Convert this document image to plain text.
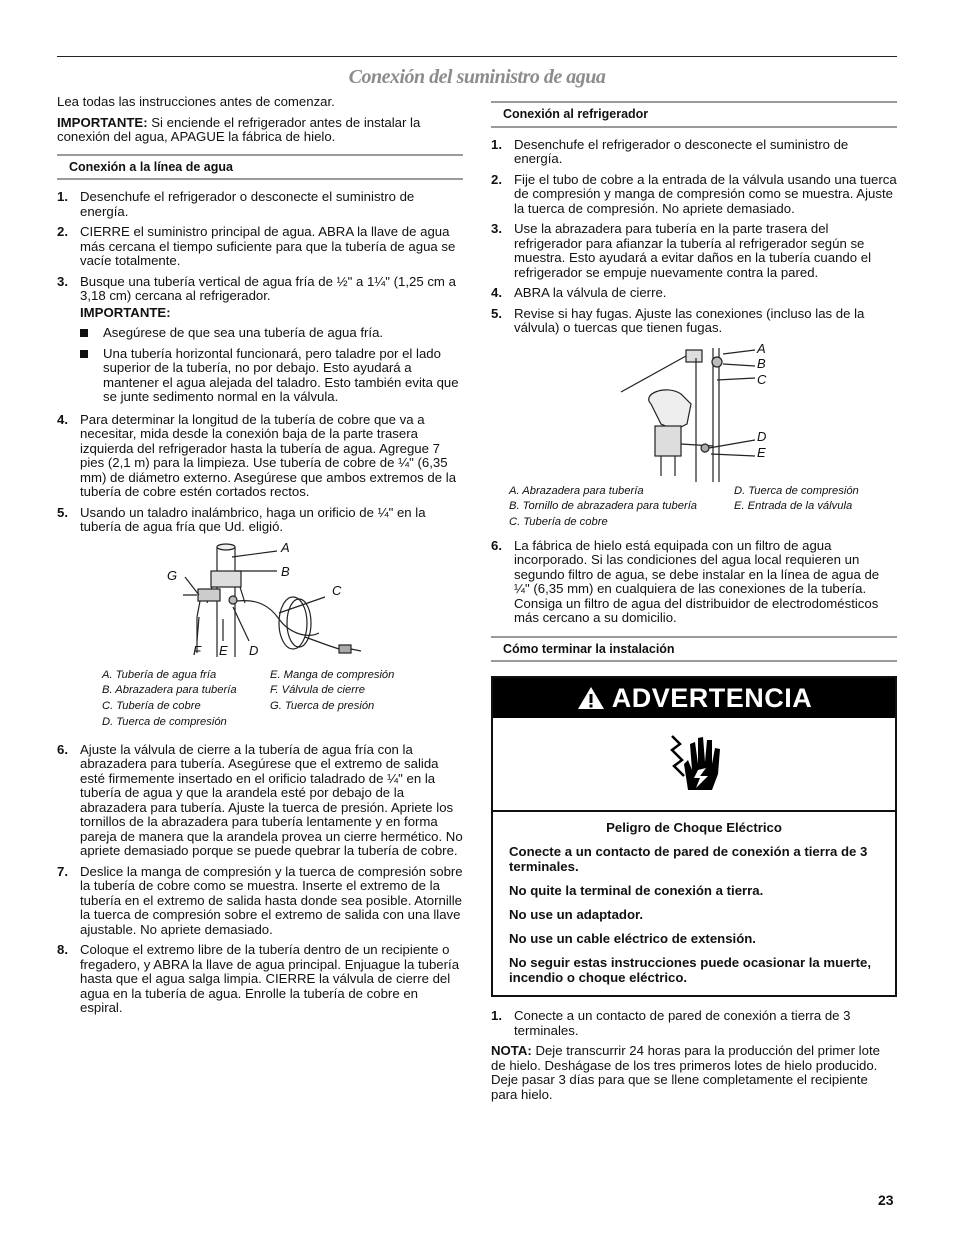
Conexión del suministro de agua

Lea todas las instrucciones antes de comenzar.

IMPORTANTE: Si enciende el refrigerador antes de instalar la conexión del agua, APAGUE la fábrica de hielo.

Conexión a la línea de agua
1. Desenchufe el refrigerador o desconecte el suministro de energía.
2. CIERRE el suministro principal de agua. ABRA la llave de agua más cercana el tiempo suficiente para que la tubería de agua se vacíe totalmente.
3. Busque una tubería vertical de agua fría de ½" a 1¼" (1,25 cm a 3,18 cm) cercana al refrigerador.
IMPORTANTE:
Asegúrese de que sea una tubería de agua fría.
Una tubería horizontal funcionará, pero taladre por el lado superior de la tubería, no por debajo. Esto ayudará a mantener el agua alejada del taladro. Esto también evita que se junte sedimento normal en la válvula.
4. Para determinar la longitud de la tubería de cobre que va a necesitar, mida desde la conexión baja de la parte trasera izquierda del refrigerador hasta la tubería de agua. Agregue 7 pies (2,1 m) para la limpieza. Use tubería de cobre de ¼" (6,35 mm) de diámetro externo. Asegúrese que ambos extremos de la tubería de cobre estén cortados rectos.
5. Usando un taladro inalámbrico, haga un orificio de ¼" en la tubería de agua fría que Ud. eligió.
A
B
C
G
F E D
A. Tubería de agua fría	E. Manga de compresión
B. Abrazadera para tubería	F. Válvula de cierre
C. Tubería de cobre	G. Tuerca de presión
D. Tuerca de compresión
6. Ajuste la válvula de cierre a la tubería de agua fría con la abrazadera para tubería. Asegúrese que el extremo de salida esté firmemente insertado en el orificio taladrado de ¼" en la tubería de agua y que la arandela esté por debajo de la abrazadera para tubería. Ajuste la tuerca de presión. Apriete los tornillos de la abrazadera para tubería lentamente y en forma pareja de manera que la arandela provea un cierre hermético. No apriete demasiado porque se puede quebrar la tubería de cobre.
7. Deslice la manga de compresión y la tuerca de compresión sobre la tubería de cobre como se muestra. Inserte el extremo de la tubería en el extremo de salida hasta donde sea posible. Atornille la tuerca de compresión sobre el extremo de salida con una llave ajustable. No apriete demasiado.
8. Coloque el extremo libre de la tubería dentro de un recipiente o fregadero, y ABRA la llave de agua principal. Enjuague la tubería hasta que el agua salga limpia. CIERRE la válvula de cierre del agua en la tubería de agua. Enrolle la tubería de cobre en espiral.
Conexión al refrigerador
1. Desenchufe el refrigerador o desconecte el suministro de energía.
2. Fije el tubo de cobre a la entrada de la válvula usando una tuerca de compresión y manga de compresión como se muestra. Ajuste la tuerca de compresión. No apriete demasiado.
3. Use la abrazadera para tubería en la parte trasera del refrigerador para afianzar la tubería al refrigerador según se muestra. Esto ayudará a evitar daños en la tubería cuando el refrigerador se empuje nuevamente contra la pared.
4. ABRA la válvula de cierre.
5. Revise si hay fugas. Ajuste las conexiones (incluso las de la válvula) o tuercas que tienen fugas.
A
B
C
D
E
A. Abrazadera para tubería	D. Tuerca de compresión
B. Tornillo de abrazadera para tubería	E. Entrada de la válvula
C. Tubería de cobre
6. La fábrica de hielo está equipada con un filtro de agua incorporado. Si las condiciones del agua local requieren un segundo filtro de agua, se debe instalar en la línea de agua de ¼" (6,35 mm) en cualquiera de las conexiones de la tubería. Consiga un filtro de agua del distribuidor de electrodomésticos más cercano a su domicilio.
Cómo terminar la instalación
ADVERTENCIA
Peligro de Choque Eléctrico
Conecte a un contacto de pared de conexión a tierra de 3 terminales.
No quite la terminal de conexión a tierra.
No use un adaptador.
No use un cable eléctrico de extensión.
No seguir estas instrucciones puede ocasionar la muerte, incendio o choque eléctrico.
1. Conecte a un contacto de pared de conexión a tierra de 3 terminales.

NOTA: Deje transcurrir 24 horas para la producción del primer lote de hielo. Deshágase de los tres primeros lotes de hielo producido. Deje pasar 3 días para que se llene completamente el recipiente para hielo.

23
